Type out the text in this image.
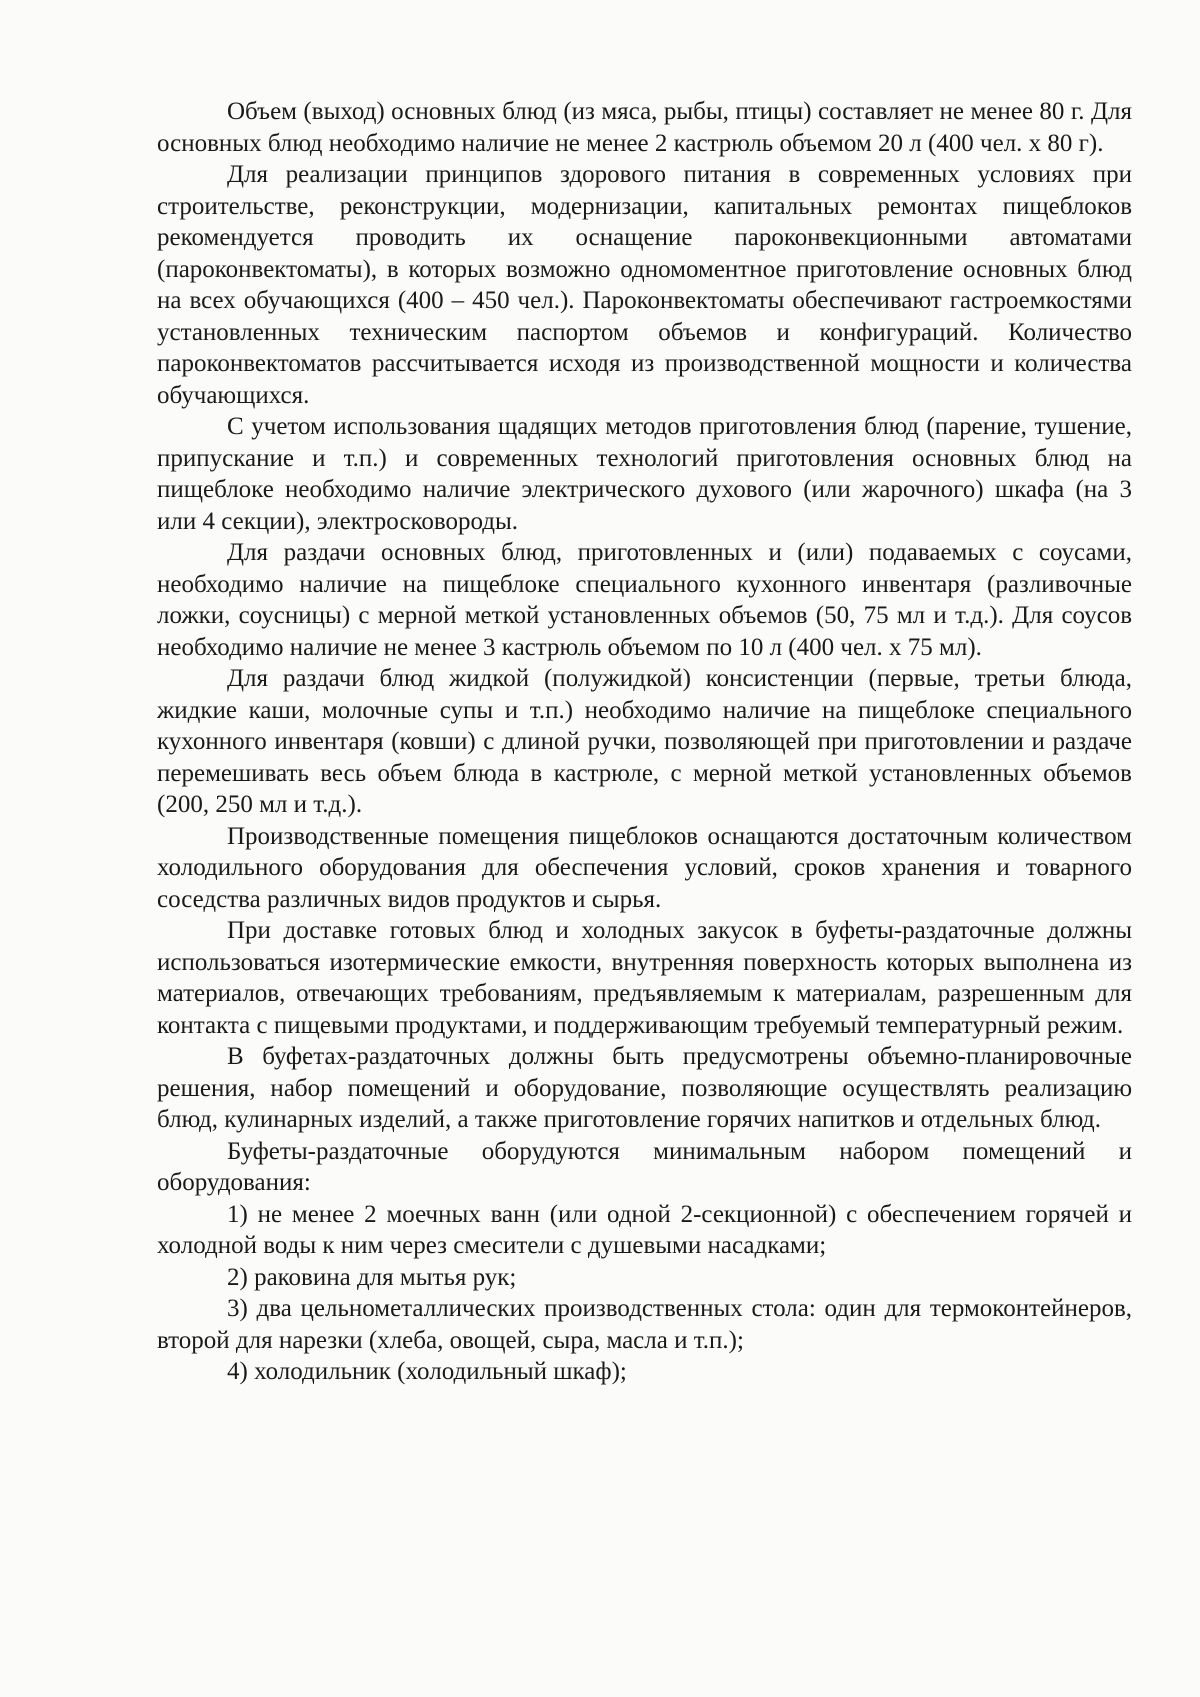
Объем (выход) основных блюд (из мяса, рыбы, птицы) составляет не менее 80 г. Для основных блюд необходимо наличие не менее 2 кастрюль объемом 20 л (400 чел. х 80 г).

Для реализации принципов здорового питания в современных условиях при строительстве, реконструкции, модернизации, капитальных ремонтах пищеблоков рекомендуется проводить их оснащение пароконвекционными автоматами (пароконвектоматы), в которых возможно одномоментное приготовление основных блюд на всех обучающихся (400 – 450 чел.). Пароконвектоматы обеспечивают гастроемкостями установленных техническим паспортом объемов и конфигураций. Количество пароконвектоматов рассчитывается исходя из производственной мощности и количества обучающихся.

С учетом использования щадящих методов приготовления блюд (парение, тушение, припускание и т.п.) и современных технологий приготовления основных блюд на пищеблоке необходимо наличие электрического духового (или жарочного) шкафа (на 3 или 4 секции), электросковороды.

Для раздачи основных блюд, приготовленных и (или) подаваемых с соусами, необходимо наличие на пищеблоке специального кухонного инвентаря (разливочные ложки, соусницы) с мерной меткой установленных объемов (50, 75 мл и т.д.). Для соусов необходимо наличие не менее 3 кастрюль объемом по 10 л (400 чел. х 75 мл).

Для раздачи блюд жидкой (полужидкой) консистенции (первые, третьи блюда, жидкие каши, молочные супы и т.п.) необходимо наличие на пищеблоке специального кухонного инвентаря (ковши) с длиной ручки, позволяющей при приготовлении и раздаче перемешивать весь объем блюда в кастрюле, с мерной меткой установленных объемов (200, 250 мл и т.д.).

Производственные помещения пищеблоков оснащаются достаточным количеством холодильного оборудования для обеспечения условий, сроков хранения и товарного соседства различных видов продуктов и сырья.

При доставке готовых блюд и холодных закусок в буфеты-раздаточные должны использоваться изотермические емкости, внутренняя поверхность которых выполнена из материалов, отвечающих требованиям, предъявляемым к материалам, разрешенным для контакта с пищевыми продуктами, и поддерживающим требуемый температурный режим.

В буфетах-раздаточных должны быть предусмотрены объемно-планировочные решения, набор помещений и оборудование, позволяющие осуществлять реализацию блюд, кулинарных изделий, а также приготовление горячих напитков и отдельных блюд.

Буфеты-раздаточные оборудуются минимальным набором помещений и оборудования:

1) не менее 2 моечных ванн (или одной 2-секционной) с обеспечением горячей и холодной воды к ним через смесители с душевыми насадками;

2) раковина для мытья рук;

3) два цельнометаллических производственных стола: один для термоконтейнеров, второй для нарезки (хлеба, овощей, сыра, масла и т.п.);

4) холодильник (холодильный шкаф);
